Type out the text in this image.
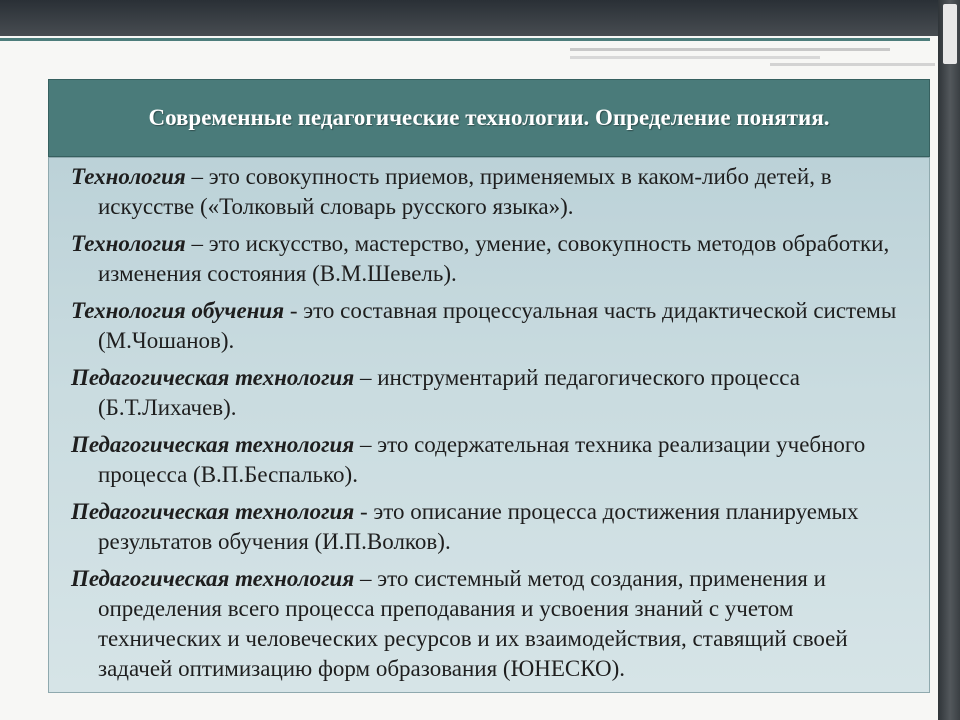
Современные педагогические технологии. Определение понятия.

Технология – это совокупность приемов, применяемых в каком-либо детей, в искусстве («Толковый словарь русского языка»).

Технология – это искусство, мастерство, умение, совокупность методов обработки, изменения состояния (В.М.Шевель).

Технология обучения - это составная процессуальная часть дидактической системы (М.Чошанов).

Педагогическая технология – инструментарий педагогического процесса (Б.Т.Лихачев).

Педагогическая технология – это содержательная техника реализации учебного процесса (В.П.Беспалько).

Педагогическая технология - это описание процесса достижения планируемых результатов обучения (И.П.Волков).

Педагогическая технология – это системный метод создания, применения и определения всего процесса преподавания и усвоения знаний с учетом технических и человеческих ресурсов и их взаимодействия, ставящий своей задачей оптимизацию форм образования (ЮНЕСКО).
